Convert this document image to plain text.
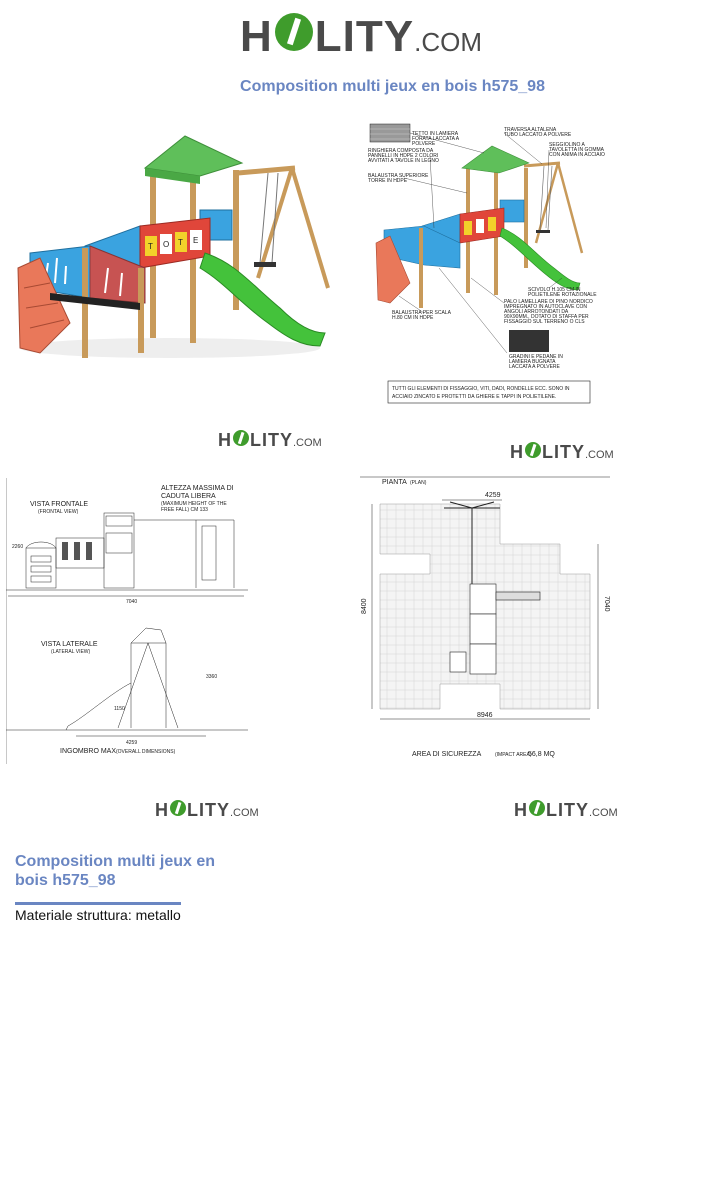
H LITY .COM
Composition multi jeux en bois h575_98
T O T E
TETTO IN LAMIERA
FORATA LACCATA A
POLVERE
TRAVERSA ALTALENA
TUBO LACCATO A POLVERE
SEGGIOLINO A
TAVOLETTA IN GOMMA
CON ANIMA IN ACCIAIO
RINGHIERA COMPOSTA DA
PANNELLI IN HDPE 2 COLORI
AVVITATI A TAVOLE IN LEGNO
BALAUSTRA SUPERIORE
TORRE IN HDPE
SCIVOLO H.105 CM IN
POLIETILENE ROTAZIONALE
PALO LAMELLARE DI PINO NORDICO
IMPREGNATO IN AUTOCLAVE CON
ANGOLI ARROTONDATI DA
90X90MM., DOTATO DI STAFFA PER
FISSAGGIO SUL TERRENO O CLS
BALAUSTRA PER SCALA
H.80 CM IN HDPE
GRADINI E PEDANE IN
LAMIERA BUGNATA
LACCATA A POLVERE
TUTTI GLI ELEMENTI DI FISSAGGIO, VITI, DADI, RONDELLE ECC. SONO IN
ACCIAIO ZINCATO E PROTETTI DA GHIERE E TAPPI IN POLIETILENE.
H LITY .COM	H LITY .COM
VISTA FRONTALE
(FRONTAL VIEW)
ALTEZZA MASSIMA DI
CADUTA LIBERA
(MAXIMUM HEIGHT OF THE
FREE FALL) CM 133
7040
2260
VISTA LATERALE
(LATERAL VIEW)
4259
3360
1150
INGOMBRO MAX (OVERALL DIMENSIONS)
PIANTA (PLAN)
4259
8400	7040
8946
AREA DI SICUREZZA	(IMPACT AREA)
56,8 MQ
H LITY .COM	H LITY .COM
Composition multi jeux en bois h575_98
Materiale struttura: metallo
